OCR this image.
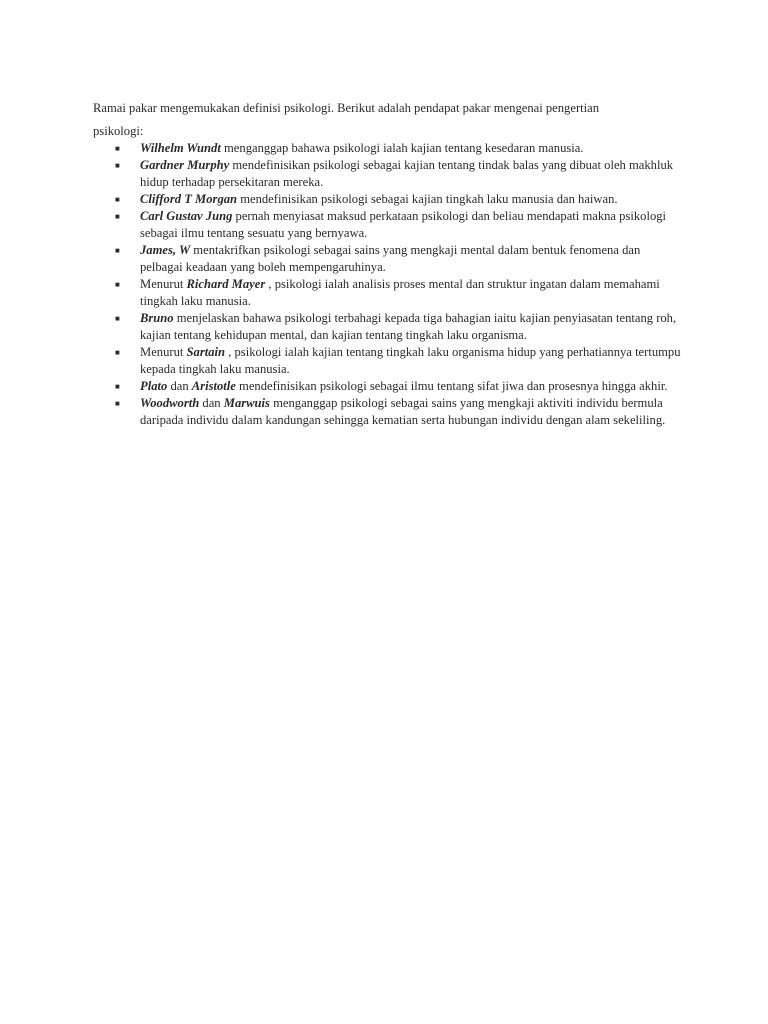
Ramai pakar mengemukakan definisi psikologi. Berikut adalah pendapat pakar mengenai pengertian

psikologi:

■ Wilhelm Wundt menganggap bahawa psikologi ialah kajian tentang kesedaran manusia.
■ Gardner Murphy mendefinisikan psikologi sebagai kajian tentang tindak balas yang dibuat oleh makhluk hidup terhadap persekitaran mereka.
■ Clifford T Morgan mendefinisikan psikologi sebagai kajian tingkah laku manusia dan haiwan.
■ Carl Gustav Jung pernah menyiasat maksud perkataan psikologi dan beliau mendapati makna psikologi sebagai ilmu tentang sesuatu yang bernyawa.
■ James, W mentakrifkan psikologi sebagai sains yang mengkaji mental dalam bentuk fenomena dan pelbagai keadaan yang boleh mempengaruhinya.
■ Menurut Richard Mayer , psikologi ialah analisis proses mental dan struktur ingatan dalam memahami tingkah laku manusia.
■ Bruno menjelaskan bahawa psikologi terbahagi kepada tiga bahagian iaitu kajian penyiasatan tentang roh, kajian tentang kehidupan mental, dan kajian tentang tingkah laku organisma.
■ Menurut Sartain , psikologi ialah kajian tentang tingkah laku organisma hidup yang perhatiannya tertumpu kepada tingkah laku manusia.
■ Plato dan Aristotle mendefinisikan psikologi sebagai ilmu tentang sifat jiwa dan prosesnya hingga akhir.
■ Woodworth dan Marwuis menganggap psikologi sebagai sains yang mengkaji aktiviti individu bermula daripada individu dalam kandungan sehingga kematian serta hubungan individu dengan alam sekeliling.
